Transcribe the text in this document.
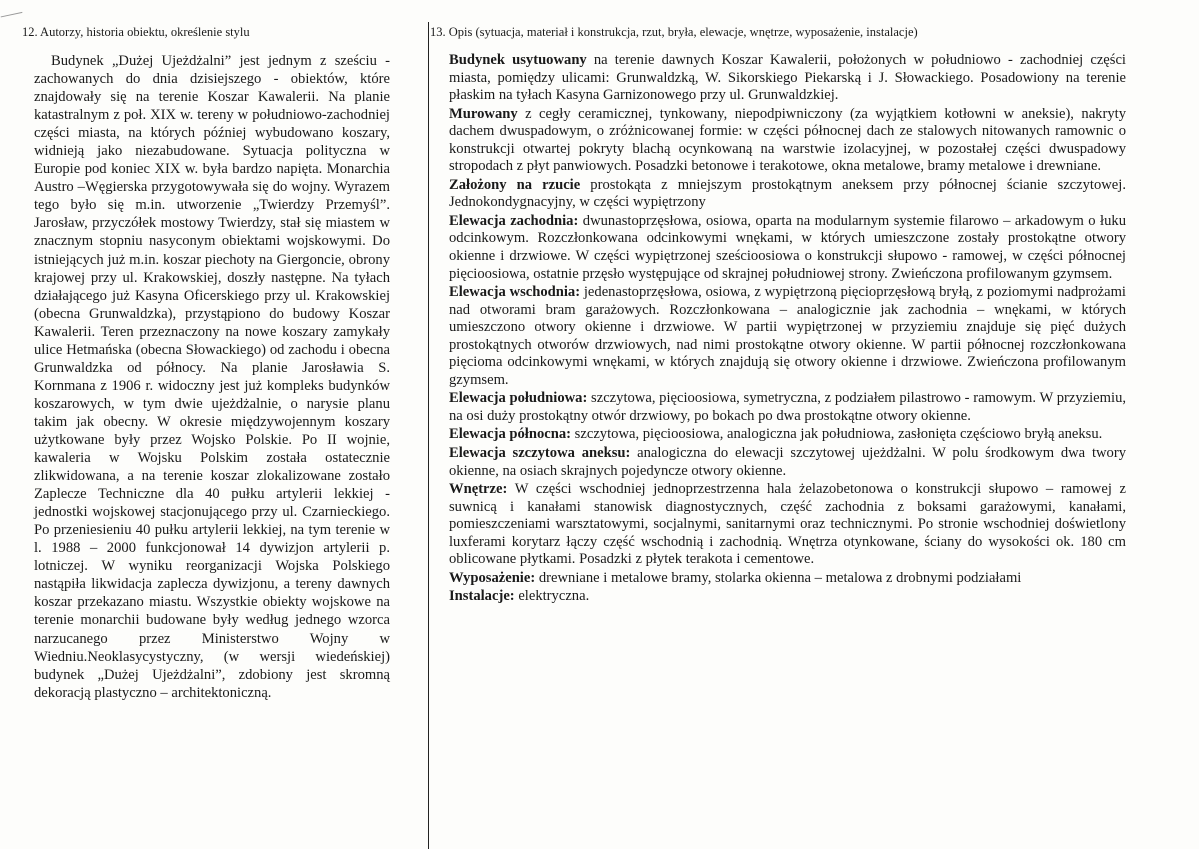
12. Autorzy, historia obiektu, określenie stylu	13. Opis (sytuacja, materiał i konstrukcja, rzut, bryła, elewacje, wnętrze, wyposażenie, instalacje)

Budynek „Dużej Ujeżdżalni” jest jednym z sześciu - zachowanych do dnia dzisiejszego - obiektów, które znajdowały się na terenie Koszar Kawalerii. Na planie katastralnym z poł. XIX w. tereny w południowo-zachodniej części miasta, na których później wybudowano koszary, widnieją jako niezabudowane. Sytuacja polityczna w Europie pod koniec XIX w. była bardzo napięta. Monarchia Austro –Węgierska przygotowywała się do wojny. Wyrazem tego było się m.in. utworzenie „Twierdzy Przemyśl”. Jarosław, przyczółek mostowy Twierdzy, stał się miastem w znacznym stopniu nasyconym obiektami wojskowymi. Do istniejących już m.in. koszar piechoty na Giergoncie, obrony krajowej przy ul. Krakowskiej, doszły następne. Na tyłach działającego już Kasyna Oficerskiego przy ul. Krakowskiej (obecna Grunwaldzka), przystąpiono do budowy Koszar Kawalerii. Teren przeznaczony na nowe koszary zamykały ulice Hetmańska (obecna Słowackiego) od zachodu i obecna Grunwaldzka od północy. Na planie Jarosławia S. Kornmana z 1906 r. widoczny jest już kompleks budynków koszarowych, w tym dwie ujeżdżalnie, o narysie planu takim jak obecny. W okresie międzywojennym koszary użytkowane były przez Wojsko Polskie. Po II wojnie, kawaleria w Wojsku Polskim została ostatecznie zlikwidowana, a na terenie koszar zlokalizowane zostało Zaplecze Techniczne dla 40 pułku artylerii lekkiej - jednostki wojskowej stacjonującego przy ul. Czarnieckiego. Po przeniesieniu 40 pułku artylerii lekkiej, na tym terenie w l. 1988 – 2000 funkcjonował 14 dywizjon artylerii p. lotniczej. W wyniku reorganizacji Wojska Polskiego nastąpiła likwidacja zaplecza dywizjonu, a tereny dawnych koszar przekazano miastu. Wszystkie obiekty wojskowe na terenie monarchii budowane były według jednego wzorca narzucanego przez Ministerstwo Wojny w Wiedniu.Neoklasycystyczny, (w wersji wiedeńskiej) budynek „Dużej Ujeżdżalni”, zdobiony jest skromną dekoracją plastyczno – architektoniczną.

Budynek usytuowany na terenie dawnych Koszar Kawalerii, położonych w południowo - zachodniej części miasta, pomiędzy ulicami: Grunwaldzką, W. Sikorskiego Piekarską i J. Słowackiego. Posadowiony na terenie płaskim na tyłach Kasyna Garnizonowego przy ul. Grunwaldzkiej.

Murowany z cegły ceramicznej, tynkowany, niepodpiwniczony (za wyjątkiem kotłowni w aneksie), nakryty dachem dwuspadowym, o zróżnicowanej formie: w części północnej dach ze stalowych nitowanych ramownic o konstrukcji otwartej pokryty blachą ocynkowaną na warstwie izolacyjnej, w pozostałej części dwuspadowy stropodach z płyt panwiowych. Posadzki betonowe i terakotowe, okna metalowe, bramy metalowe i drewniane.

Założony na rzucie prostokąta z mniejszym prostokątnym aneksem przy północnej ścianie szczytowej. Jednokondygnacyjny, w części wypiętrzony

Elewacja zachodnia: dwunastoprzęsłowa, osiowa, oparta na modularnym systemie filarowo – arkadowym o łuku odcinkowym. Rozczłonkowana odcinkowymi wnękami, w których umieszczone zostały prostokątne otwory okienne i drzwiowe. W części wypiętrzonej sześcioosiowa o konstrukcji słupowo - ramowej, w części północnej pięcioosiowa, ostatnie przęsło występujące od skrajnej południowej strony. Zwieńczona profilowanym gzymsem.

Elewacja wschodnia: jedenastoprzęsłowa, osiowa, z wypiętrzoną pięcioprzęsłową bryłą, z poziomymi nadprożami nad otworami bram garażowych. Rozczłonkowana – analogicznie jak zachodnia – wnękami, w których umieszczono otwory okienne i drzwiowe. W partii wypiętrzonej w przyziemiu znajduje się pięć dużych prostokątnych otworów drzwiowych, nad nimi prostokątne otwory okienne. W partii północnej rozczłonkowana pięcioma odcinkowymi wnękami, w których znajdują się otwory okienne i drzwiowe. Zwieńczona profilowanym gzymsem.

Elewacja południowa: szczytowa, pięcioosiowa, symetryczna, z podziałem pilastrowo - ramowym. W przyziemiu, na osi duży prostokątny otwór drzwiowy, po bokach po dwa prostokątne otwory okienne.

Elewacja północna: szczytowa, pięcioosiowa, analogiczna jak południowa, zasłonięta częściowo bryłą aneksu.

Elewacja szczytowa aneksu: analogiczna do elewacji szczytowej ujeżdżalni. W polu środkowym dwa twory okienne, na osiach skrajnych pojedyncze otwory okienne.

Wnętrze: W części wschodniej jednoprzestrzenna hala żelazobetonowa o konstrukcji słupowo – ramowej z suwnicą i kanałami stanowisk diagnostycznych, część zachodnia z boksami garażowymi, kanałami, pomieszczeniami warsztatowymi, socjalnymi, sanitarnymi oraz technicznymi. Po stronie wschodniej doświetlony luxferami korytarz łączy część wschodnią i zachodnią. Wnętrza otynkowane, ściany do wysokości ok. 180 cm oblicowane płytkami. Posadzki z płytek terakota i cementowe.

Wyposażenie: drewniane i metalowe bramy, stolarka okienna – metalowa z drobnymi podziałami

Instalacje: elektryczna.
